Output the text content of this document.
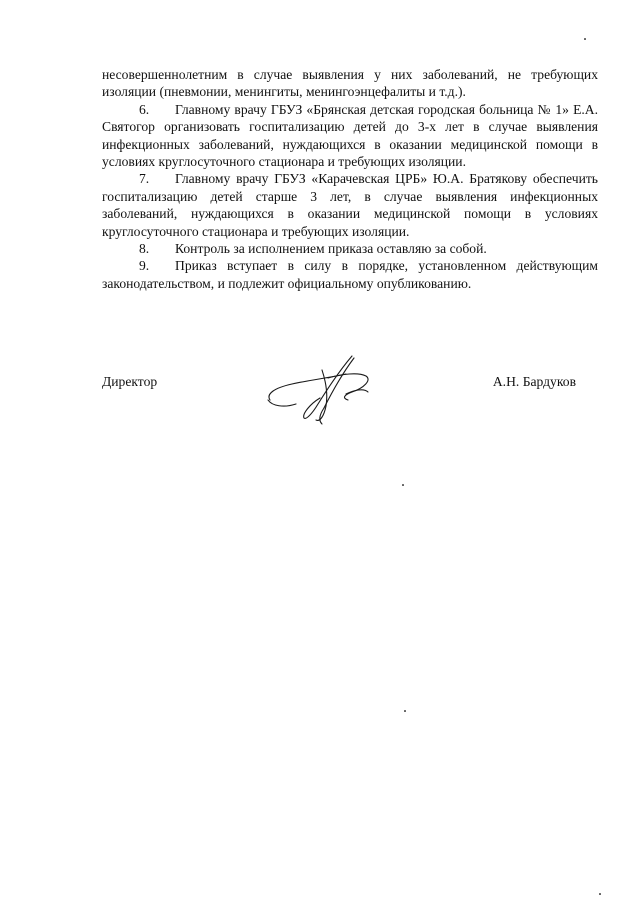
несовершеннолетним в случае выявления у них заболеваний, не требующих изоляции (пневмонии, менингиты, менингоэнцефалиты и т.д.).

6. Главному врачу ГБУЗ «Брянская детская городская больница № 1» Е.А. Святогор организовать госпитализацию детей до 3-х лет в случае выявления инфекционных заболеваний, нуждающихся в оказании медицинской помощи в условиях круглосуточного стационара и требующих изоляции.

7. Главному врачу ГБУЗ «Карачевская ЦРБ» Ю.А. Братякову обеспечить госпитализацию детей старше 3 лет, в случае выявления инфекционных заболеваний, нуждающихся в оказании медицинской помощи в условиях круглосуточного стационара и требующих изоляции.

8. Контроль за исполнением приказа оставляю за собой.

9. Приказ вступает в силу в порядке, установленном действующим законодательством, и подлежит официальному опубликованию.

Директор	А.Н. Бардуков
